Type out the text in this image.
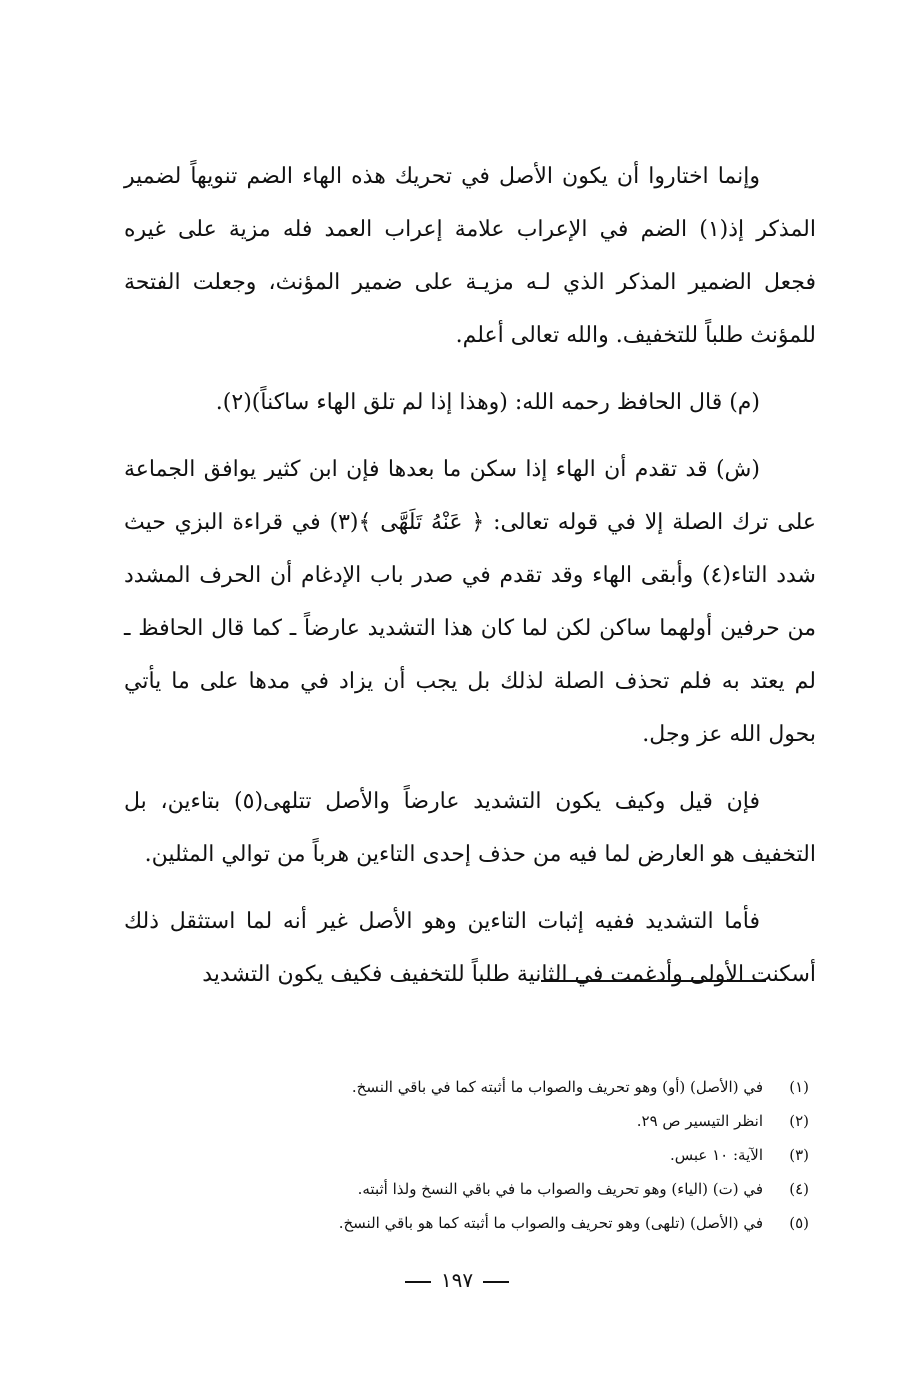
وإنما اختاروا أن يكون الأصل في تحريك هذه الهاء الضم تنويهاً لضمير المذكر إذ(١) الضم في الإعراب علامة إعراب العمد فله مزية على غيره فجعل الضمير المذكر الذي لـه مزيـة على ضمير المؤنث، وجعلت الفتحة للمؤنث طلباً للتخفيف. والله تعالى أعلم.

(م) قال الحافظ رحمه الله: (وهذا إذا لم تلق الهاء ساكناً)(٢).

(ش) قد تقدم أن الهاء إذا سكن ما بعدها فإن ابن كثير يوافق الجماعة على ترك الصلة إلا في قوله تعالى: ﴿ عَنْهُ تَلَهَّى ﴾(٣) في قراءة البزي حيث شدد التاء(٤) وأبقى الهاء وقد تقدم في صدر باب الإدغام أن الحرف المشدد من حرفين أولهما ساكن لكن لما كان هذا التشديد عارضاً ـ كما قال الحافظ ـ لم يعتد به فلم تحذف الصلة لذلك بل يجب أن يزاد في مدها على ما يأتي بحول الله عز وجل.

فإن قيل وكيف يكون التشديد عارضاً والأصل تتلهى(٥) بتاءين، بل التخفيف هو العارض لما فيه من حذف إحدى التاءين هرباً من توالي المثلين.

فأما التشديد ففيه إثبات التاءين وهو الأصل غير أنه لما استثقل ذلك أسكنت الأولى وأدغمت في الثانية طلباً للتخفيف فكيف يكون التشديد

(١)
في (الأصل) (أو) وهو تحريف والصواب ما أثبته كما في باقي النسخ.
(٢)
انظر التيسير ص ٢٩.
(٣)
الآية: ١٠ عبس.
(٤)
في (ت) (الياء) وهو تحريف والصواب ما في باقي النسخ ولذا أثبته.
(٥)
في (الأصل) (تلهى) وهو تحريف والصواب ما أثبته كما هو باقي النسخ.
١٩٧
